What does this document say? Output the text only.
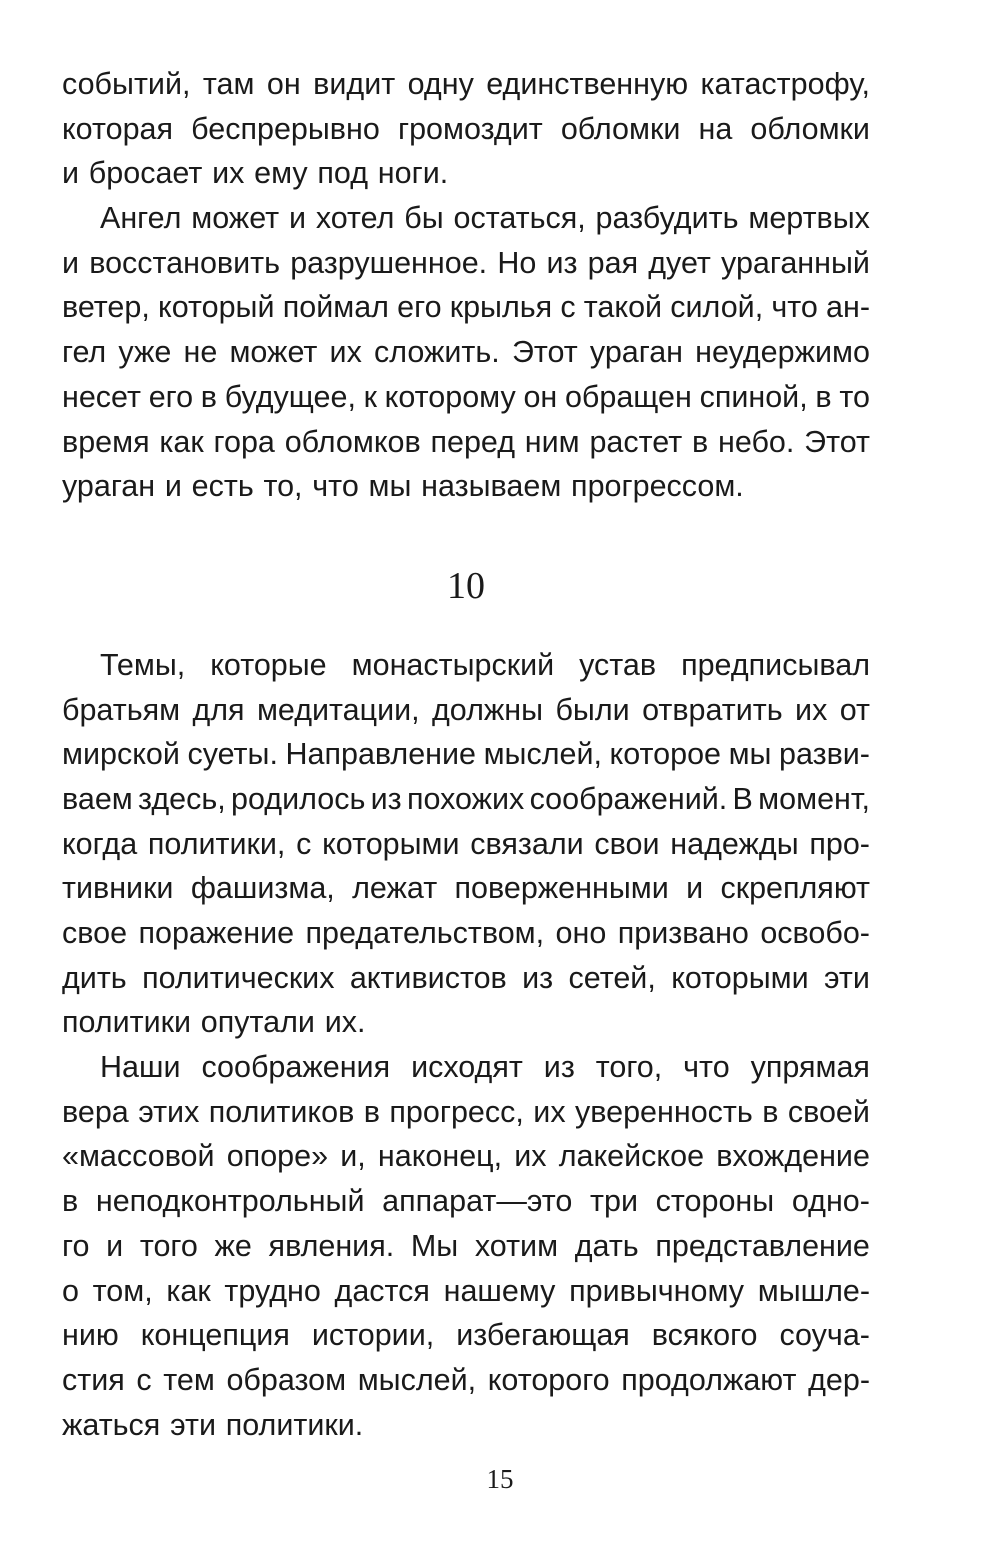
событий, там он видит одну единственную катастрофу,
которая беспрерывно громоздит обломки на обломки
и бросает их ему под ноги.
Ангел может и хотел бы остаться, разбудить мертвых
и восстановить разрушенное. Но из рая дует ураганный
ветер, который поймал его крылья с такой силой, что ан-
гел уже не может их сложить. Этот ураган неудержимо
несет его в будущее, к которому он обращен спиной, в то
время как гора обломков перед ним растет в небо. Этот
ураган и есть то, что мы называем прогрессом.
10
Темы, которые монастырский устав предписывал
братьям для медитации, должны были отвратить их от
мирской суеты. Направление мыслей, которое мы разви-
ваем здесь, родилось из похожих соображений. В момент,
когда политики, с которыми связали свои надежды про-
тивники фашизма, лежат поверженными и скрепляют
свое поражение предательством, оно призвано освобо-
дить политических активистов из сетей, которыми эти
политики опутали их.
Наши соображения исходят из того, что упрямая
вера этих политиков в прогресс, их уверенность в своей
«массовой опоре» и, наконец, их лакейское вхождение
в неподконтрольный аппарат—это три стороны одно-
го и того же явления. Мы хотим дать представление
о том, как трудно дастся нашему привычному мышле-
нию концепция истории, избегающая всякого соуча-
стия с тем образом мыслей, которого продолжают дер-
жаться эти политики.
15
